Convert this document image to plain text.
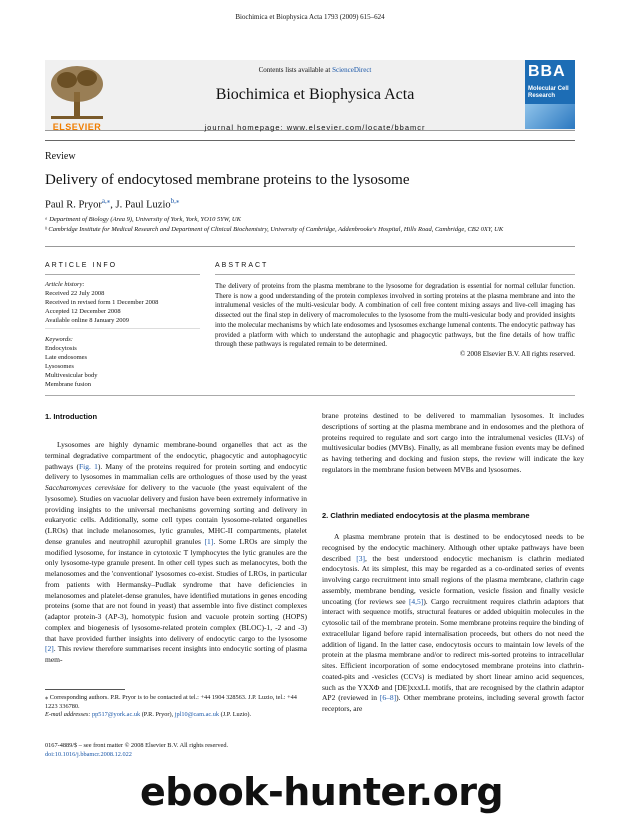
Biochimica et Biophysica Acta 1793 (2009) 615–624
ELSEVIER
Contents lists available at ScienceDirect
Biochimica et Biophysica Acta
journal homepage: www.elsevier.com/locate/bbamcr
BBA
Molecular Cell Research
Review
Delivery of endocytosed membrane proteins to the lysosome
Paul R. Pryor$^{a,⁎}$, J. Paul Luzio$^{b,⁎}$
ᵃ Department of Biology (Area 9), University of York, York, YO10 5YW, UK
ᵇ Cambridge Institute for Medical Research and Department of Clinical Biochemistry, University of Cambridge, Addenbrooke's Hospital, Hills Road, Cambridge, CB2 0XY, UK
ARTICLE INFO	ABSTRACT
Article history:
Received 22 July 2008
Received in revised form 1 December 2008
Accepted 12 December 2008
Available online 8 January 2009
Keywords:
Endocytosis
Late endosomes
Lysosomes
Multivesicular body
Membrane fusion
The delivery of proteins from the plasma membrane to the lysosome for degradation is essential for normal cellular function. There is now a good understanding of the protein complexes involved in sorting proteins at the plasma membrane and into the intralumenal vesicles of the multi-vesicular body. A combination of cell free content mixing assays and live-cell imaging has dissected out the final step in delivery of macromolecules to the lysosome from the multi-vesicular body and provided insights into the molecular mechanisms by which late endosomes and lysosomes exchange lumenal contents. The endocytic pathway has provided a platform with which to understand the autophagic and phagocytic pathways, but the fine details of how traffic through these pathways is regulated remain to be determined.
© 2008 Elsevier B.V. All rights reserved.
1. Introduction

Lysosomes are highly dynamic membrane-bound organelles that act as the terminal degradative compartment of the endocytic, phagocytic and autophagocytic pathways (Fig. 1). Many of the proteins required for protein sorting and endocytic delivery to lysosomes in mammalian cells are orthologues of those used by the yeast Saccharomyces cerevisiae for delivery to the vacuole (the yeast equivalent of the lysosome). Studies on vacuolar delivery and fusion have been extremely informative in providing insights to the universal mechanisms governing sorting and delivery in eukaryotic cells. Additionally, some cell types contain lysosome-related organelles (LROs) that include melanosomes, lytic granules, MHC-II compartments, platelet dense granules and neutrophil azurophil granules [1]. Some LROs are simply the modified lysosome, for instance in cytotoxic T lymphocytes the lytic granules are the only lysosome-type granule present. In other cell types such as melanocytes, both the melanosomes and the 'conventional' lysosomes co-exist. Studies of LROs, in particular from patients with Hermansky–Pudlak syndrome that have deficiencies in melanosomes and platelet-dense granules, have identified mutations in genes encoding proteins (some that are not found in yeast) that assemble into five distinct complexes (adaptor protein-3 (AP-3), homotypic fusion and vacuole protein sorting (HOPS) complex and biogenesis of lysosome-related protein complex (BLOC)-1, -2 and -3) that have provided further insights into delivery of endocytic cargo to the lysosome [2]. This review therefore summarises recent insights into endocytic sorting of plasma mem-

brane proteins destined to be delivered to mammalian lysosomes. It includes descriptions of sorting at the plasma membrane and in endosomes and the plethora of proteins required to regulate and sort cargo into the intralumenal vesicles (ILVs) of multivesicular bodies (MVBs). Finally, as all membrane fusion events may be defined as having tethering and docking and fusion steps, the review will indicate the key regulators in the membrane fusion between MVBs and lysosomes.

2. Clathrin mediated endocytosis at the plasma membrane

A plasma membrane protein that is destined to be endocytosed needs to be recognised by the endocytic machinery. Although other uptake pathways have been described [3], the best understood endocytic mechanism is clathrin mediated endocytosis. At its simplest, this may be regarded as a co-ordinated series of events involving cargo recruitment into small regions of the plasma membrane, clathrin cage assembly, membrane bending, vesicle formation, vesicle fission and finally vesicle uncoating (for reviews see [4,5]). Cargo recruitment requires clathrin adaptors that interact with sequence motifs, structural features or added ubiquitin molecules in the cytosolic tail of the membrane protein. Some membrane proteins require the binding of extracellular ligand before rapid internalisation proceeds, but others do not need the addition of ligand. In the latter case, endocytosis occurs to maintain low levels of the protein at the plasma membrane and/or to redirect mis-sorted proteins to intracellular sites. Efficient incorporation of some endocytosed membrane proteins into clathrin- coated-pits and -vesicles (CCVs) is mediated by short linear amino acid sequences, such as the YXXΦ and [DE]xxxLL motifs, that are recognised by the clathrin adaptor AP2 (reviewed in [6–8]). Other membrane proteins, including several growth factor receptors, are

⁎ Corresponding authors. P.R. Pryor is to be contacted at tel.: +44 1904 328563. J.P. Luzio, tel.: +44 1223 336780.
E-mail addresses: pp517@york.ac.uk (P.R. Pryor), jpl10@cam.ac.uk (J.P. Luzio).
0167-4889/$ – see front matter © 2008 Elsevier B.V. All rights reserved.
doi:10.1016/j.bbamcr.2008.12.022
ebook-hunter.org
